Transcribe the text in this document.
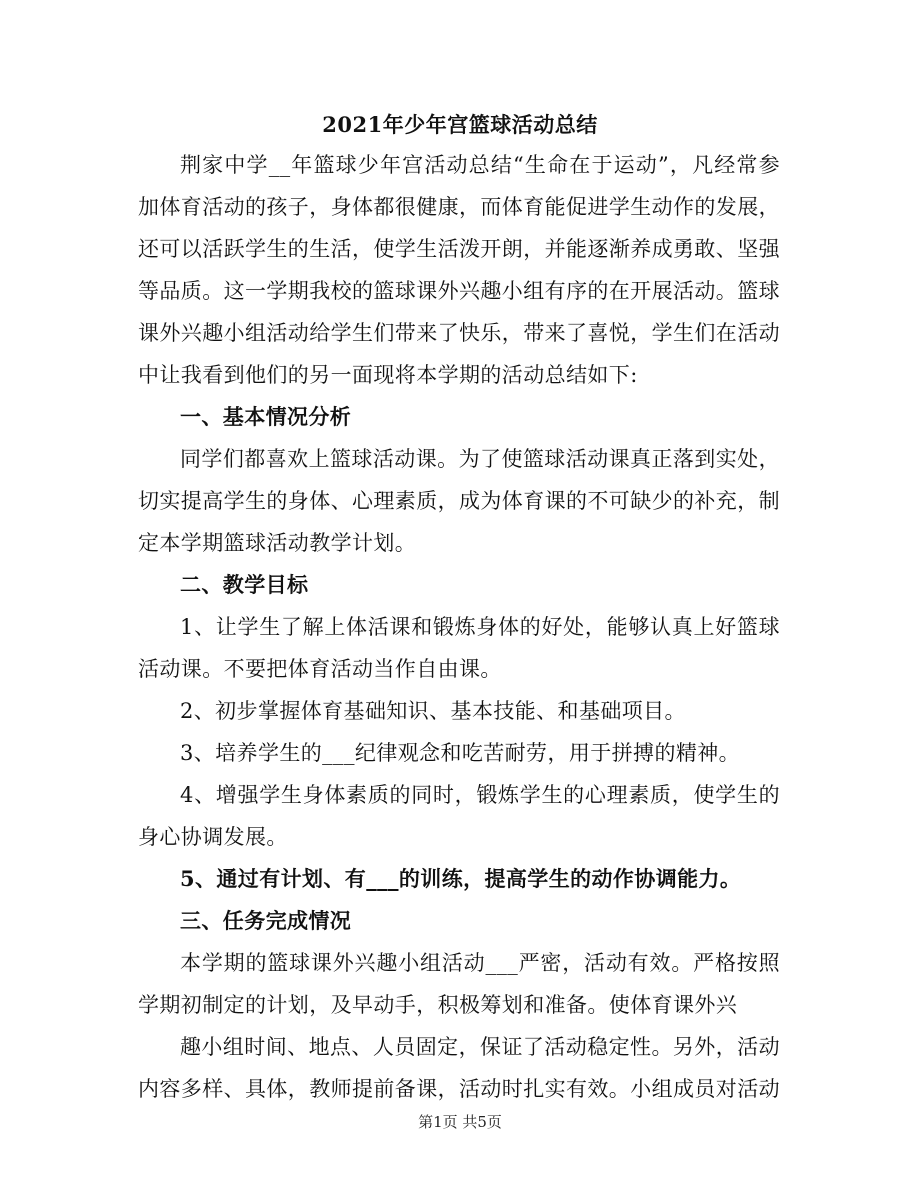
2021年少年宫篮球活动总结

荆家中学__年篮球少年宫活动总结“生命在于运动”，凡经常参加体育活动的孩子，身体都很健康，而体育能促进学生动作的发展，还可以活跃学生的生活，使学生活泼开朗，并能逐渐养成勇敢、坚强等品质。这一学期我校的篮球课外兴趣小组有序的在开展活动。篮球课外兴趣小组活动给学生们带来了快乐，带来了喜悦，学生们在活动中让我看到他们的另一面现将本学期的活动总结如下:

一、基本情况分析

同学们都喜欢上篮球活动课。为了使篮球活动课真正落到实处，切实提高学生的身体、心理素质，成为体育课的不可缺少的补充，制定本学期篮球活动教学计划。

二、教学目标

1、让学生了解上体活课和锻炼身体的好处，能够认真上好篮球活动课。不要把体育活动当作自由课。

2、初步掌握体育基础知识、基本技能、和基础项目。

3、培养学生的___纪律观念和吃苦耐劳，用于拼搏的精神。

4、增强学生身体素质的同时，锻炼学生的心理素质，使学生的身心协调发展。

5、通过有计划、有___的训练，提高学生的动作协调能力。

三、任务完成情况

本学期的篮球课外兴趣小组活动___严密，活动有效。严格按照学期初制定的计划，及早动手，积极筹划和准备。使体育课外兴

趣小组时间、地点、人员固定，保证了活动稳定性。另外，活动内容多样、具体，教师提前备课，活动时扎实有效。小组成员对活动

第1页 共5页
